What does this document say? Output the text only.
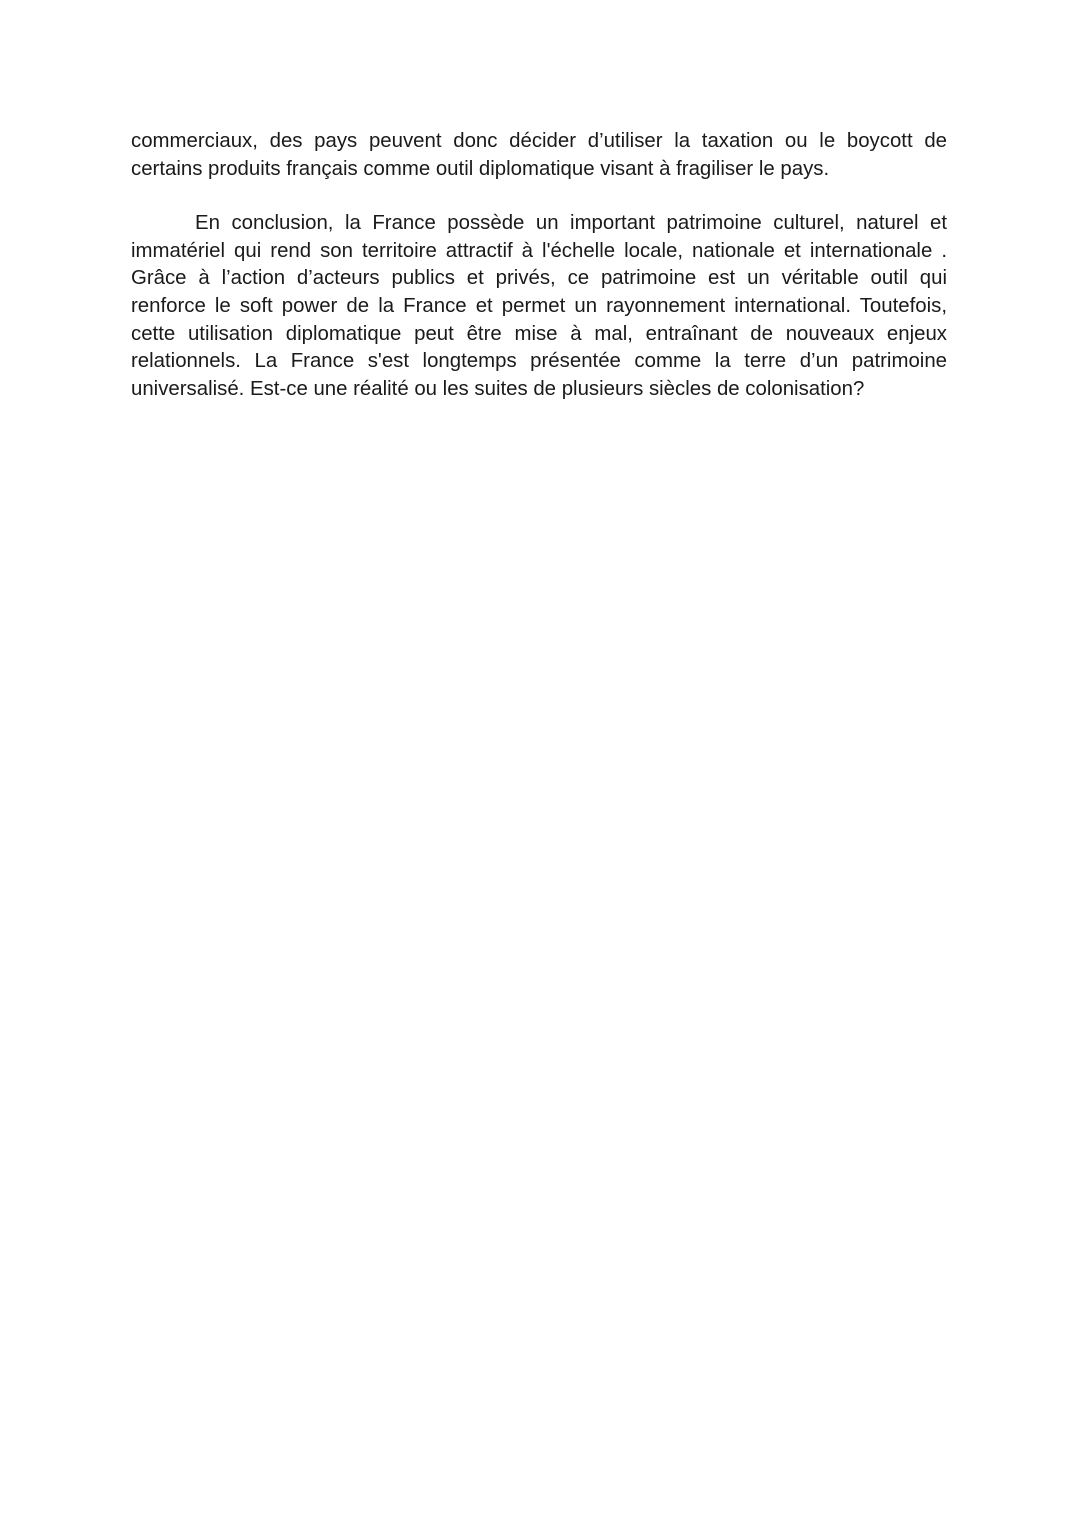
commerciaux, des pays peuvent donc décider d’utiliser la taxation ou le boycott de certains produits français comme outil diplomatique visant à fragiliser le pays.

En conclusion, la France possède un important patrimoine culturel, naturel et immatériel qui rend son territoire attractif à l'échelle locale, nationale et internationale . Grâce à l’action d’acteurs publics et privés, ce patrimoine est un véritable outil qui renforce le soft power de la France et permet un rayonnement international. Toutefois, cette utilisation diplomatique peut être mise à mal, entraînant de nouveaux enjeux relationnels. La France s'est longtemps présentée comme la terre d’un patrimoine universalisé. Est-ce une réalité ou les suites de plusieurs siècles de colonisation?
